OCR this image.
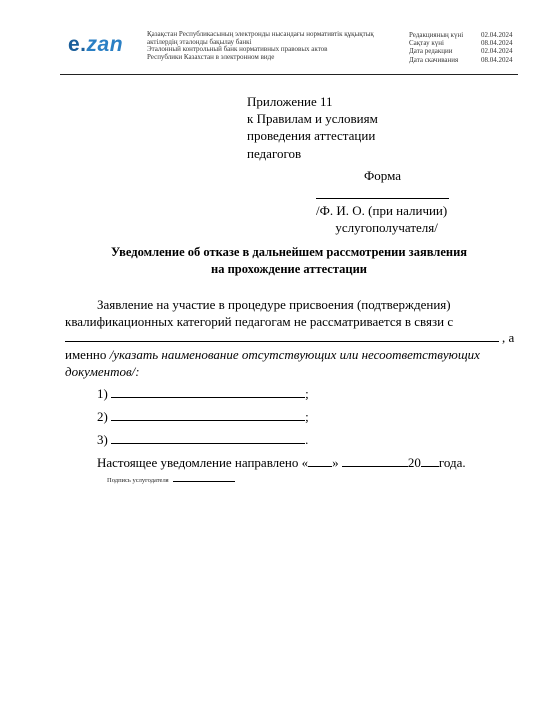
e.zan	Қазақстан Республикасының электронды нысандағы нормативтік құқықтық
актілердің эталонды бақылау банкі
Эталонный контрольный банк нормативных правовых актов
Республики Казахстан в электронном виде
Редакцияның күні	02.04.2024
Сақтау күні	08.04.2024
Дата редакции	02.04.2024
Дата скачивания	08.04.2024
Приложение 11
к Правилам и условиям
проведения аттестации
педагогов
Форма
/Ф. И. О. (при наличии)
услугополучателя/
Уведомление об отказе в дальнейшем рассмотрении заявления
на прохождение аттестации
Заявление на участие в процедуре присвоения (подтверждения)
квалификационных категорий педагогам не рассматривается в связи с
, а
именно /указать наименование отсутствующих или несоответствующих
документов/:
1)	;
2)	;
3)	.
Настоящее уведомление направлено « »	20 года.
Подпись услугодателя
